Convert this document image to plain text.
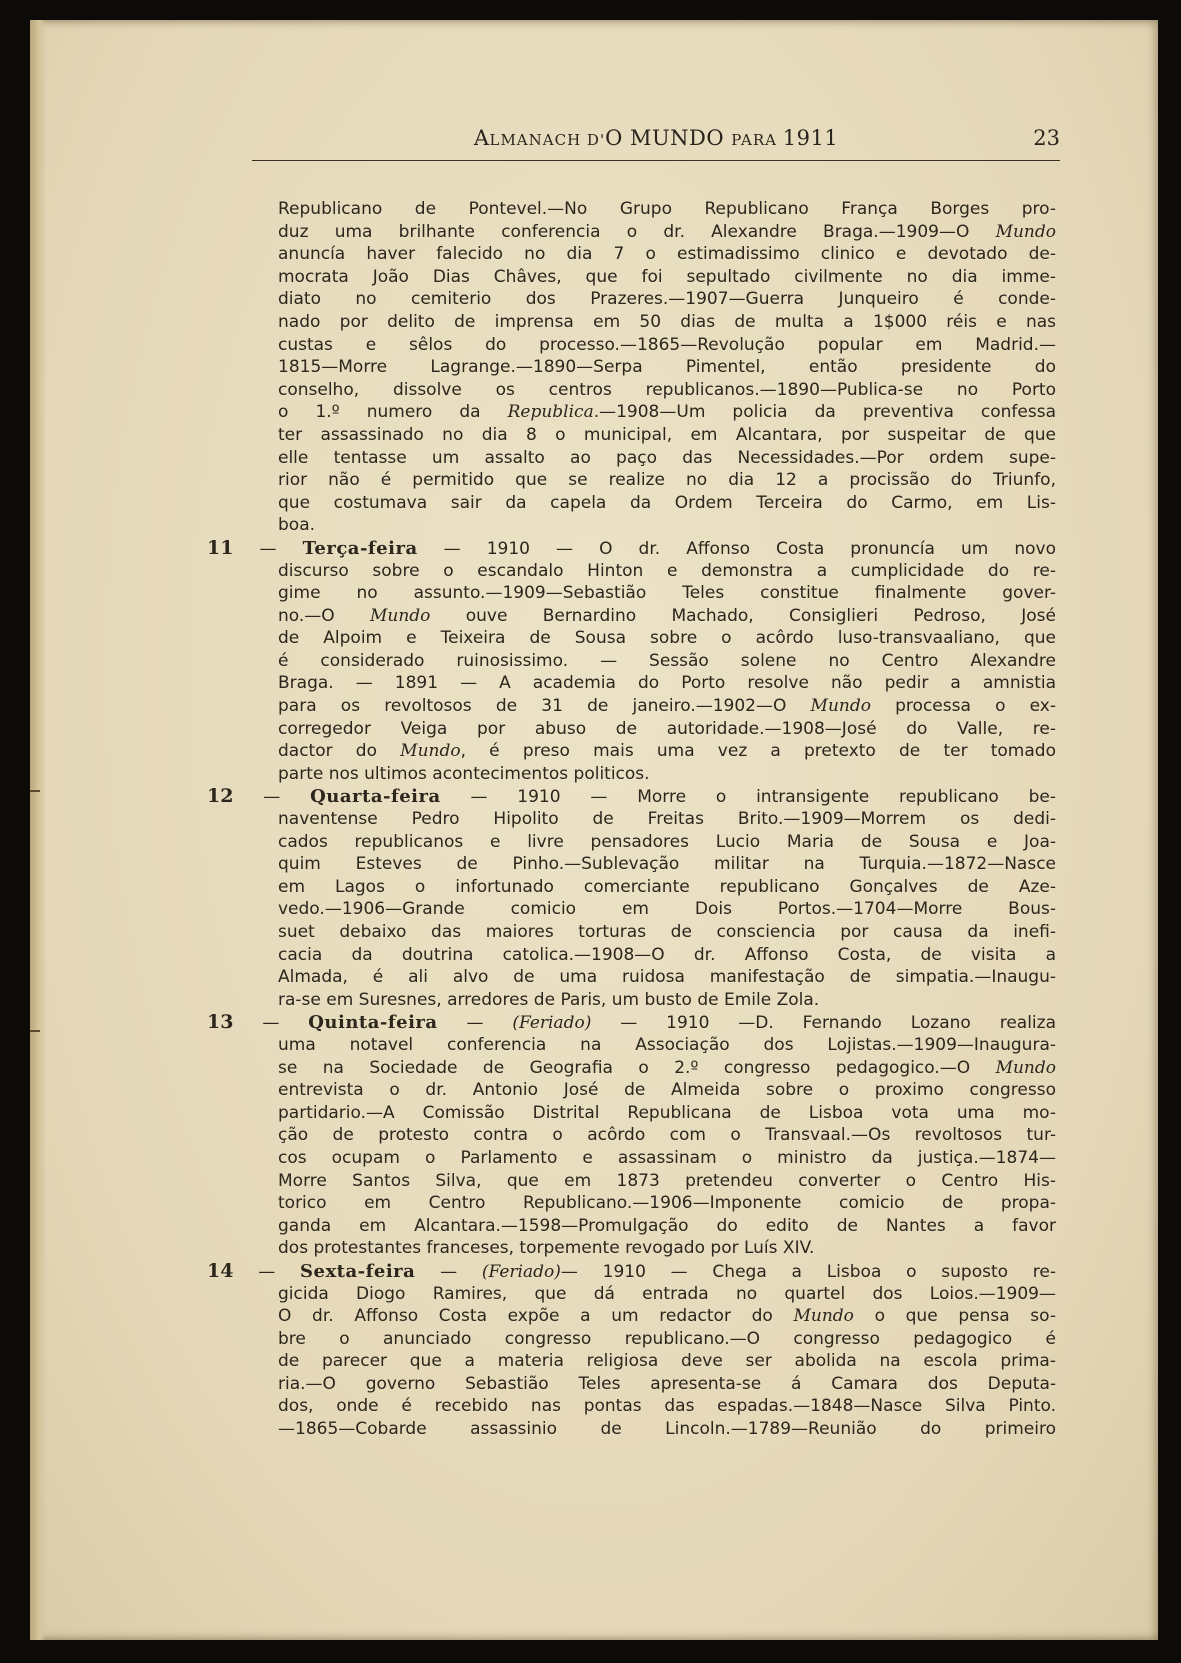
ALMANACH D'O MUNDO PARA 1911	23
Republicano de Pontevel.—No Grupo Republicano França Borges pro-
duz uma brilhante conferencia o dr. Alexandre Braga.—1909—O Mundo
anuncía haver falecido no dia 7 o estimadissimo clinico e devotado de-
mocrata João Dias Châves, que foi sepultado civilmente no dia imme-
diato no cemiterio dos Prazeres.—1907—Guerra Junqueiro é conde-
nado por delito de imprensa em 50 dias de multa a 1$000 réis e nas
custas e sêlos do processo.—1865—Revolução popular em Madrid.—
1815—Morre Lagrange.—1890—Serpa Pimentel, então presidente do
conselho, dissolve os centros republicanos.—1890—Publica-se no Porto
o 1.º numero da Republica.—1908—Um policia da preventiva confessa
ter assassinado no dia 8 o municipal, em Alcantara, por suspeitar de que
elle tentasse um assalto ao paço das Necessidades.—Por ordem supe-
rior não é permitido que se realize no dia 12 a procissão do Triunfo,
que costumava sair da capela da Ordem Terceira do Carmo, em Lis-
boa.
11 — Terça-feira — 1910 — O dr. Affonso Costa pronuncía um novo
discurso sobre o escandalo Hinton e demonstra a cumplicidade do re-
gime no assunto.—1909—Sebastião Teles constitue finalmente gover-
no.—O Mundo ouve Bernardino Machado, Consiglieri Pedroso, José
de Alpoim e Teixeira de Sousa sobre o acôrdo luso-transvaaliano, que
é considerado ruinosissimo. — Sessão solene no Centro Alexandre
Braga. — 1891 — A academia do Porto resolve não pedir a amnistia
para os revoltosos de 31 de janeiro.—1902—O Mundo processa o ex-
corregedor Veiga por abuso de autoridade.—1908—José do Valle, re-
dactor do Mundo, é preso mais uma vez a pretexto de ter tomado
parte nos ultimos acontecimentos politicos.
12 — Quarta-feira — 1910 — Morre o intransigente republicano be-
naventense Pedro Hipolito de Freitas Brito.—1909—Morrem os dedi-
cados republicanos e livre pensadores Lucio Maria de Sousa e Joa-
quim Esteves de Pinho.—Sublevação militar na Turquia.—1872—Nasce
em Lagos o infortunado comerciante republicano Gonçalves de Aze-
vedo.—1906—Grande comicio em Dois Portos.—1704—Morre Bous-
suet debaixo das maiores torturas de consciencia por causa da inefi-
cacia da doutrina catolica.—1908—O dr. Affonso Costa, de visita a
Almada, é ali alvo de uma ruidosa manifestação de simpatia.—Inaugu-
ra-se em Suresnes, arredores de Paris, um busto de Emile Zola.
13 — Quinta-feira — (Feriado) — 1910 —D. Fernando Lozano realiza
uma notavel conferencia na Associação dos Lojistas.—1909—Inaugura-
se na Sociedade de Geografia o 2.º congresso pedagogico.—O Mundo
entrevista o dr. Antonio José de Almeida sobre o proximo congresso
partidario.—A Comissão Distrital Republicana de Lisboa vota uma mo-
ção de protesto contra o acôrdo com o Transvaal.—Os revoltosos tur-
cos ocupam o Parlamento e assassinam o ministro da justiça.—1874—
Morre Santos Silva, que em 1873 pretendeu converter o Centro His-
torico em Centro Republicano.—1906—Imponente comicio de propa-
ganda em Alcantara.—1598—Promulgação do edito de Nantes a favor
dos protestantes franceses, torpemente revogado por Luís XIV.
14 — Sexta-feira — (Feriado)— 1910 — Chega a Lisboa o suposto re-
gicida Diogo Ramires, que dá entrada no quartel dos Loios.—1909—
O dr. Affonso Costa expõe a um redactor do Mundo o que pensa so-
bre o anunciado congresso republicano.—O congresso pedagogico é
de parecer que a materia religiosa deve ser abolida na escola prima-
ria.—O governo Sebastião Teles apresenta-se á Camara dos Deputa-
dos, onde é recebido nas pontas das espadas.—1848—Nasce Silva Pinto.
—1865—Cobarde assassinio de Lincoln.—1789—Reunião do primeiro
